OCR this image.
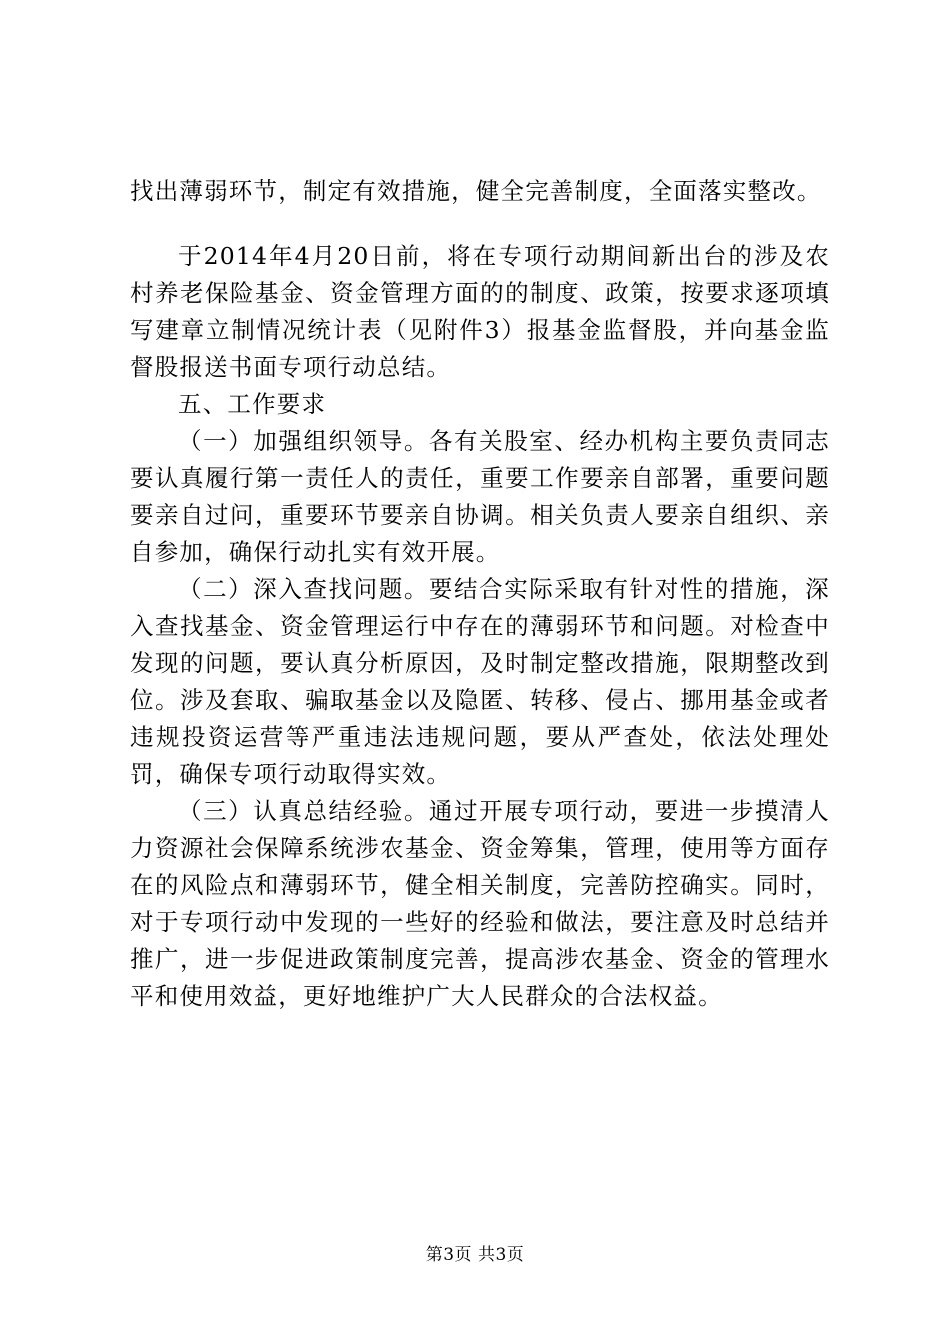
找出薄弱环节，制定有效措施，健全完善制度，全面落实整改。

于2014年4月20日前，将在专项行动期间新出台的涉及农村养老保险基金、资金管理方面的的制度、政策，按要求逐项填写建章立制情况统计表（见附件3）报基金监督股，并向基金监督股报送书面专项行动总结。

五、工作要求

（一）加强组织领导。各有关股室、经办机构主要负责同志要认真履行第一责任人的责任，重要工作要亲自部署，重要问题要亲自过问，重要环节要亲自协调。相关负责人要亲自组织、亲自参加，确保行动扎实有效开展。

（二）深入查找问题。要结合实际采取有针对性的措施，深入查找基金、资金管理运行中存在的薄弱环节和问题。对检查中发现的问题，要认真分析原因，及时制定整改措施，限期整改到位。涉及套取、骗取基金以及隐匿、转移、侵占、挪用基金或者违规投资运营等严重违法违规问题，要从严查处，依法处理处罚，确保专项行动取得实效。

（三）认真总结经验。通过开展专项行动，要进一步摸清人力资源社会保障系统涉农基金、资金筹集，管理，使用等方面存在的风险点和薄弱环节，健全相关制度，完善防控确实。同时，对于专项行动中发现的一些好的经验和做法，要注意及时总结并推广，进一步促进政策制度完善，提高涉农基金、资金的管理水平和使用效益，更好地维护广大人民群众的合法权益。

第3页 共3页
